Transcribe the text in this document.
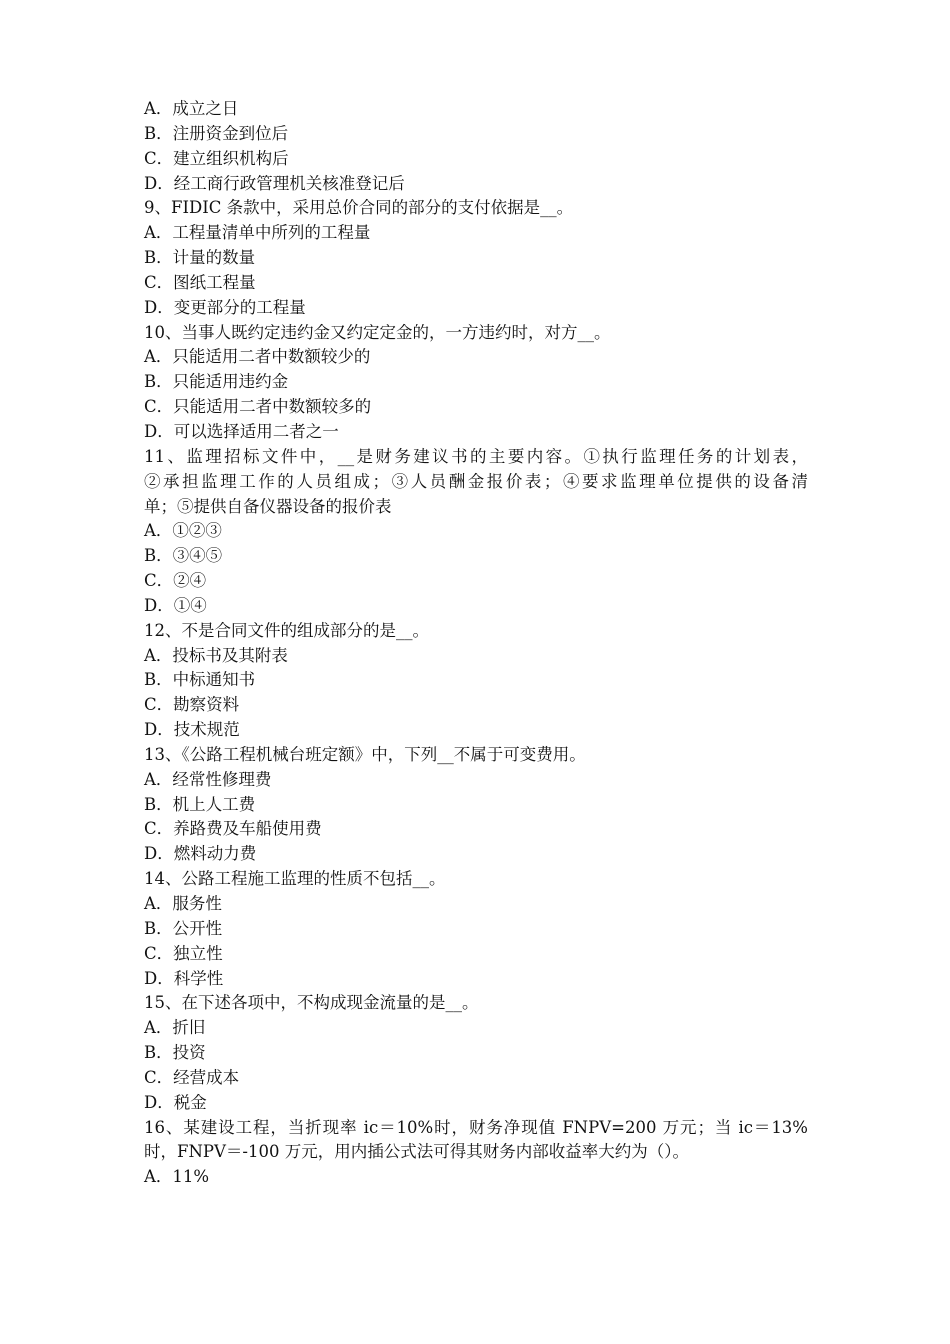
A．成立之日
B．注册资金到位后
C．建立组织机构后
D．经工商行政管理机关核准登记后
9、FIDIC 条款中，采用总价合同的部分的支付依据是__。
A．工程量清单中所列的工程量
B．计量的数量
C．图纸工程量
D．变更部分的工程量
10、当事人既约定违约金又约定定金的，一方违约时，对方__。
A．只能适用二者中数额较少的
B．只能适用违约金
C．只能适用二者中数额较多的
D．可以选择适用二者之一
11、监理招标文件中，__是财务建议书的主要内容。①执行监理任务的计划表，
②承担监理工作的人员组成；③人员酬金报价表；④要求监理单位提供的设备清
单；⑤提供自备仪器设备的报价表
A．①②③
B．③④⑤
C．②④
D．①④
12、不是合同文件的组成部分的是__。
A．投标书及其附表
B．中标通知书
C．勘察资料
D．技术规范
13、《公路工程机械台班定额》中，下列__不属于可变费用。
A．经常性修理费
B．机上人工费
C．养路费及车船使用费
D．燃料动力费
14、公路工程施工监理的性质不包括__。
A．服务性
B．公开性
C．独立性
D．科学性
15、在下述各项中，不构成现金流量的是__。
A．折旧
B．投资
C．经营成本
D．税金
16、某建设工程，当折现率 ic＝10%时，财务净现值 FNPV=200 万元；当 ic＝13%
时，FNPV＝-100 万元，用内插公式法可得其财务内部收益率大约为（）。
A．11%
